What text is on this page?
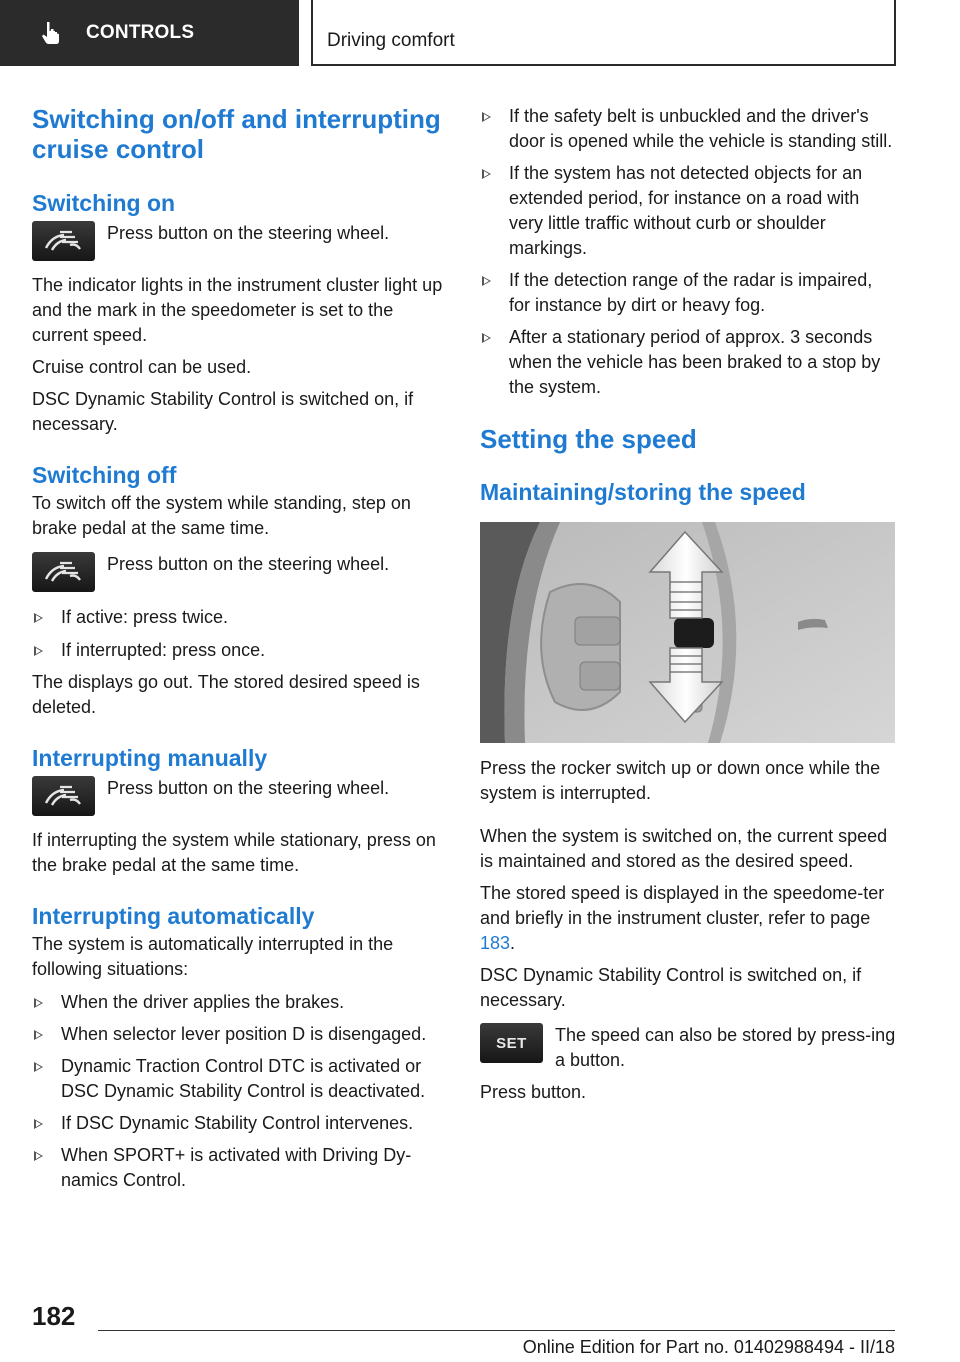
CONTROLS	Driving comfort
Switching on/off and interrupting cruise control
Switching on
Press button on the steering wheel.

The indicator lights in the instrument cluster light up and the mark in the speedometer is set to the current speed.

Cruise control can be used.

DSC Dynamic Stability Control is switched on, if necessary.

Switching off

To switch off the system while standing, step on brake pedal at the same time.

Press button on the steering wheel.
If active: press twice.
If interrupted: press once.

The displays go out. The stored desired speed is deleted.

Interrupting manually
Press button on the steering wheel.

If interrupting the system while stationary, press on the brake pedal at the same time.

Interrupting automatically

The system is automatically interrupted in the following situations:

When the driver applies the brakes.
When selector lever position D is disengaged.
Dynamic Traction Control DTC is activated or DSC Dynamic Stability Control is deactivated.
If DSC Dynamic Stability Control intervenes.
When SPORT+ is activated with Driving Dy‐namics Control.
If the safety belt is unbuckled and the driver's door is opened while the vehicle is standing still.
If the system has not detected objects for an extended period, for instance on a road with very little traffic without curb or shoulder markings.
If the detection range of the radar is impaired, for instance by dirt or heavy fog.
After a stationary period of approx. 3 seconds when the vehicle has been braked to a stop by the system.
Setting the speed
Maintaining/storing the speed

Press the rocker switch up or down once while the system is interrupted.

When the system is switched on, the current speed is maintained and stored as the desired speed.

The stored speed is displayed in the speedome‐ter and briefly in the instrument cluster, refer to page 183.

DSC Dynamic Stability Control is switched on, if necessary.

SET	The speed can also be stored by press‐ing a button.

Press button.

182
Online Edition for Part no. 01402988494 - II/18
